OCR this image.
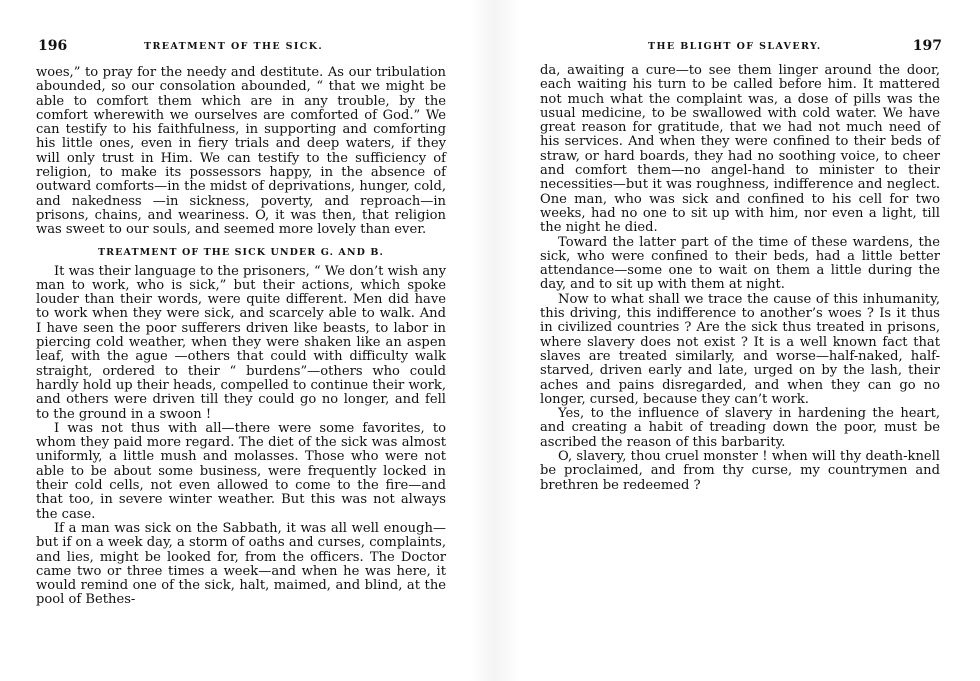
196	TREATMENT OF THE SICK.

woes,” to pray for the needy and destitute. As our tribulation abounded, so our consolation abounded, “ that we might be able to comfort them which are in any trouble, by the comfort wherewith we ourselves are comforted of God.” We can testify to his faithfulness, in supporting and comforting his little ones, even in fiery trials and deep waters, if they will only trust in Him. We can testify to the sufficiency of religion, to make its possessors happy, in the absence of outward comforts—in the midst of deprivations, hunger, cold, and nakedness —in sickness, poverty, and reproach—in prisons, chains, and weariness. O, it was then, that religion was sweet to our souls, and seemed more lovely than ever.

TREATMENT OF THE SICK UNDER G. AND B.

It was their language to the prisoners, “ We don’t wish any man to work, who is sick,” but their actions, which spoke louder than their words, were quite different. Men did have to work when they were sick, and scarcely able to walk. And I have seen the poor sufferers driven like beasts, to labor in piercing cold weather, when they were shaken like an aspen leaf, with the ague —others that could with difficulty walk straight, ordered to their “ burdens”—others who could hardly hold up their heads, compelled to continue their work, and others were driven till they could go no longer, and fell to the ground in a swoon !

I was not thus with all—there were some favorites, to whom they paid more regard. The diet of the sick was almost uniformly, a little mush and molasses. Those who were not able to be about some business, were frequently locked in their cold cells, not even allowed to come to the fire—and that too, in severe winter weather. But this was not always the case.

If a man was sick on the Sabbath, it was all well enough—but if on a week day, a storm of oaths and curses, complaints, and lies, might be looked for, from the officers. The Doctor came two or three times a week—and when he was here, it would remind one of the sick, halt, maimed, and blind, at the pool of Bethes-

THE BLIGHT OF SLAVERY.	197

da, awaiting a cure—to see them linger around the door, each waiting his turn to be called before him. It mattered not much what the complaint was, a dose of pills was the usual medicine, to be swallowed with cold water. We have great reason for gratitude, that we had not much need of his services. And when they were confined to their beds of straw, or hard boards, they had no soothing voice, to cheer and comfort them—no angel-hand to minister to their necessities—but it was roughness, indifference and neglect. One man, who was sick and confined to his cell for two weeks, had no one to sit up with him, nor even a light, till the night he died.

Toward the latter part of the time of these wardens, the sick, who were confined to their beds, had a little better attendance—some one to wait on them a little during the day, and to sit up with them at night.

Now to what shall we trace the cause of this inhumanity, this driving, this indifference to another’s woes ? Is it thus in civilized countries ? Are the sick thus treated in prisons, where slavery does not exist ? It is a well known fact that slaves are treated similarly, and worse—half-naked, half-starved, driven early and late, urged on by the lash, their aches and pains disregarded, and when they can go no longer, cursed, because they can’t work.

Yes, to the influence of slavery in hardening the heart, and creating a habit of treading down the poor, must be ascribed the reason of this barbarity.

O, slavery, thou cruel monster ! when will thy death-knell be proclaimed, and from thy curse, my countrymen and brethren be redeemed ?
